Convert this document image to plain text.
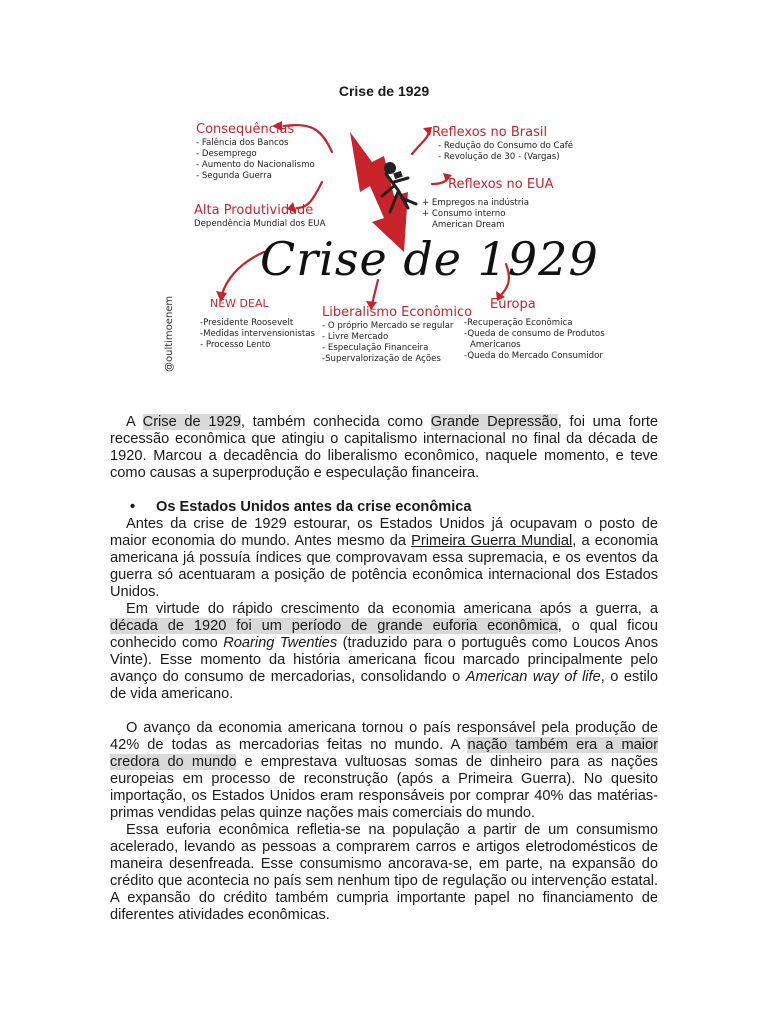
Crise de 1929
Crise de 1929
@oultimoenem
Consequências
- Falência dos Bancos
- Desemprego
- Aumento do Nacionalismo
- Segunda Guerra
Alta Produtividade
Dependência Mundial dos EUA
Reflexos no Brasil
- Redução do Consumo do Café
- Revolução de 30 - (Vargas)
Reflexos no EUA
+ Empregos na indústria
+ Consumo interno
American Dream
NEW DEAL
-Presidente Roosevelt
-Medidas intervensionistas
- Processo Lento
Liberalismo Econômico
- O próprio Mercado se regular
- Livre Mercado
- Especulação Financeira
-Supervalorização de Ações
Europa
-Recuperação Econômica
-Queda de consumo de Produtos
Americanos
-Queda do Mercado Consumidor

A Crise de 1929, também conhecida como Grande Depressão, foi uma forte recessão econômica que atingiu o capitalismo internacional no final da década de 1920. Marcou a decadência do liberalismo econômico, naquele momento, e teve como causas a superprodução e especulação financeira.

• Os Estados Unidos antes da crise econômica

Antes da crise de 1929 estourar, os Estados Unidos já ocupavam o posto de maior economia do mundo. Antes mesmo da Primeira Guerra Mundial, a economia americana já possuía índices que comprovavam essa supremacia, e os eventos da guerra só acentuaram a posição de potência econômica internacional dos Estados Unidos.

Em virtude do rápido crescimento da economia americana após a guerra, a década de 1920 foi um período de grande euforia econômica, o qual ficou conhecido como Roaring Twenties (traduzido para o português como Loucos Anos Vinte). Esse momento da história americana ficou marcado principalmente pelo avanço do consumo de mercadorias, consolidando o American way of life, o estilo de vida americano.

O avanço da economia americana tornou o país responsável pela produção de 42% de todas as mercadorias feitas no mundo. A nação também era a maior credora do mundo e emprestava vultuosas somas de dinheiro para as nações europeias em processo de reconstrução (após a Primeira Guerra). No quesito importação, os Estados Unidos eram responsáveis por comprar 40% das matérias-primas vendidas pelas quinze nações mais comerciais do mundo.

Essa euforia econômica refletia-se na população a partir de um consumismo acelerado, levando as pessoas a comprarem carros e artigos eletrodomésticos de maneira desenfreada. Esse consumismo ancorava-se, em parte, na expansão do crédito que acontecia no país sem nenhum tipo de regulação ou intervenção estatal. A expansão do crédito também cumpria importante papel no financiamento de diferentes atividades econômicas.
